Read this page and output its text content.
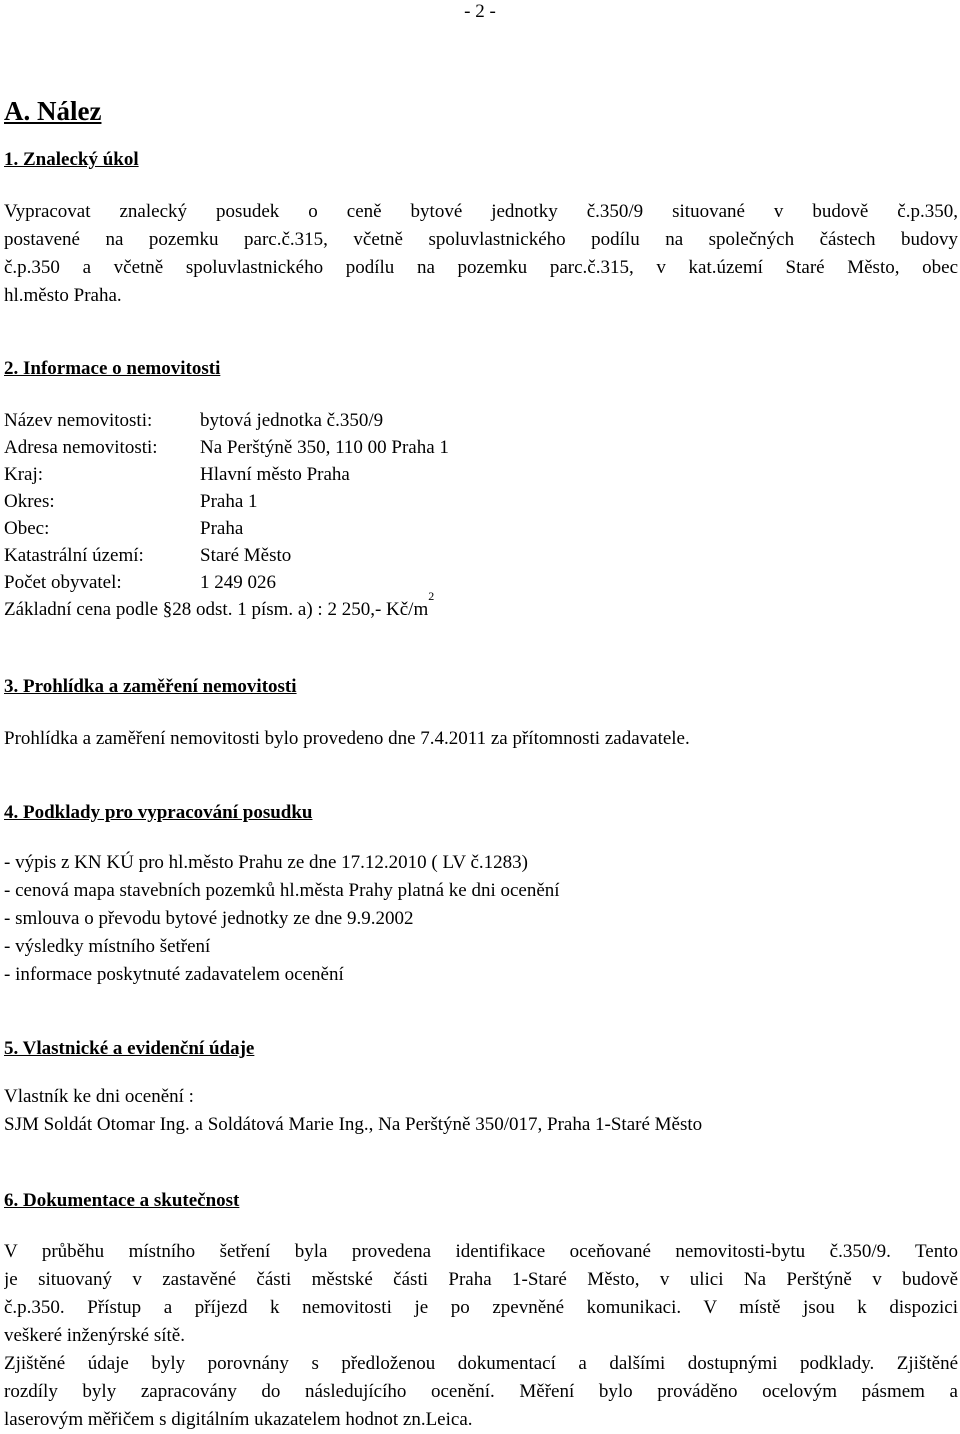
- 2 -
A. Nález
1. Znalecký úkol
Vypracovat znalecký posudek o ceně bytové jednotky č.350/9 situované v budově č.p.350,
postavené na pozemku parc.č.315, včetně spoluvlastnického podílu na společných částech budovy
č.p.350 a včetně spoluvlastnického podílu na pozemku parc.č.315, v kat.území Staré Město, obec
hl.město Praha.
2. Informace o nemovitosti
Název nemovitosti:	bytová jednotka č.350/9
Adresa nemovitosti:	Na Perštýně 350, 110 00 Praha 1
Kraj:	Hlavní město Praha
Okres:	Praha 1
Obec:	Praha
Katastrální území:	Staré Město
Počet obyvatel:	1 249 026
Základní cena podle §28 odst. 1 písm. a) : 2 250,- Kč/m
2
3. Prohlídka a zaměření nemovitosti

Prohlídka a zaměření nemovitosti bylo provedeno dne 7.4.2011 za přítomnosti zadavatele.

4. Podklady pro vypracování posudku
- výpis z KN KÚ pro hl.město Prahu ze dne 17.12.2010 ( LV č.1283)
- cenová mapa stavebních pozemků hl.města Prahy platná ke dni ocenění
- smlouva o převodu bytové jednotky ze dne 9.9.2002
- výsledky místního šetření
- informace poskytnuté zadavatelem ocenění
5. Vlastnické a evidenční údaje
Vlastník ke dni ocenění :
SJM Soldát Otomar Ing. a Soldátová Marie Ing., Na Perštýně 350/017, Praha 1-Staré Město
6. Dokumentace a skutečnost
V průběhu místního šetření byla provedena identifikace oceňované nemovitosti-bytu č.350/9. Tento
je situovaný v zastavěné části městské části Praha 1-Staré Město, v ulici Na Perštýně v budově
č.p.350. Přístup a příjezd k nemovitosti je po zpevněné komunikaci. V místě jsou k dispozici
veškeré inženýrské sítě.
Zjištěné údaje byly porovnány s předloženou dokumentací a dalšími dostupnými podklady. Zjištěné
rozdíly byly zapracovány do následujícího ocenění. Měření bylo prováděno ocelovým pásmem a
laserovým měřičem s digitálním ukazatelem hodnot zn.Leica.
